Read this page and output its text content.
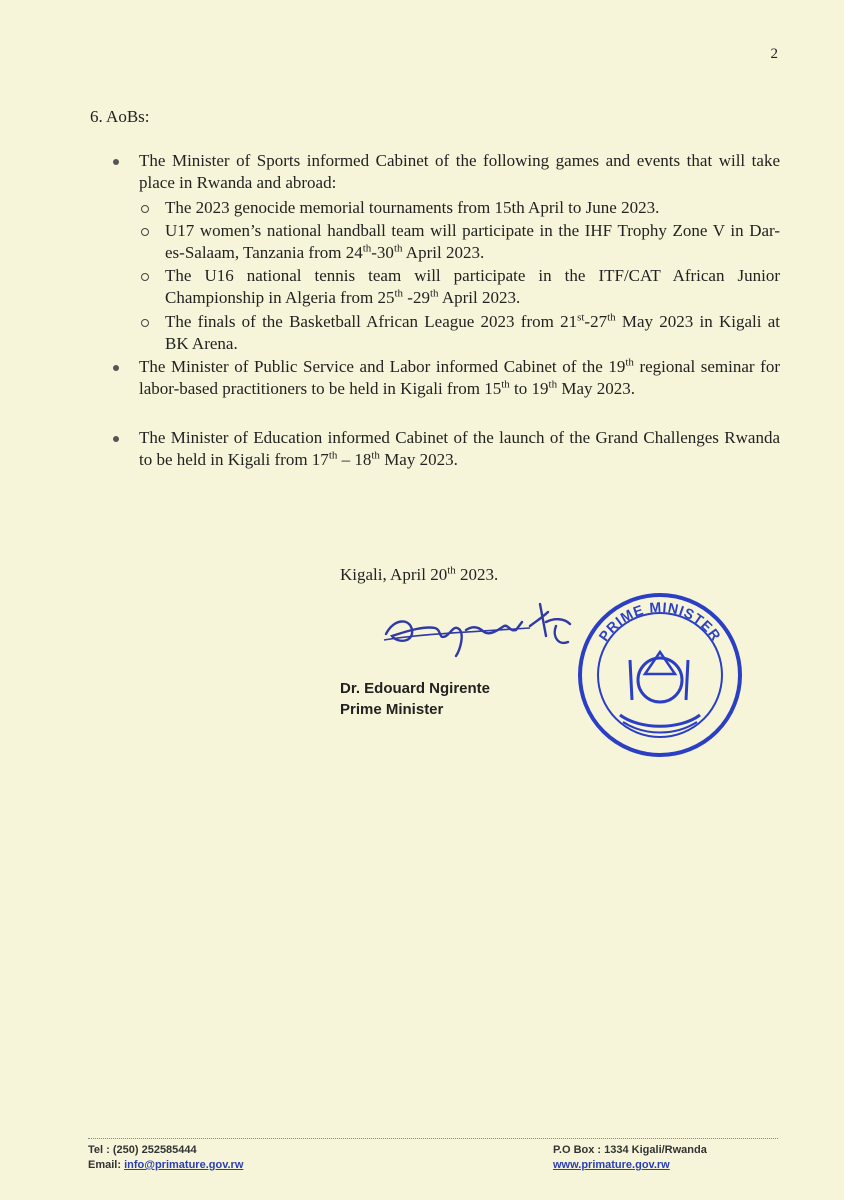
2
6. AoBs:
The Minister of Sports informed Cabinet of the following games and events that will take place in Rwanda and abroad:
The 2023 genocide memorial tournaments from 15th April to June 2023.
U17 women’s national handball team will participate in the IHF Trophy Zone V in Dar-es-Salaam, Tanzania from 24th-30th April 2023.
The U16 national tennis team will participate in the ITF/CAT African Junior Championship in Algeria from 25th -29th April 2023.
The finals of the Basketball African League 2023 from 21st-27th May 2023 in Kigali at BK Arena.
The Minister of Public Service and Labor informed Cabinet of the 19th regional seminar for labor-based practitioners to be held in Kigali from 15th to 19th May 2023.
The Minister of Education informed Cabinet of the launch of the Grand Challenges Rwanda to be held in Kigali from 17th – 18th May 2023.
Kigali, April 20th 2023.
Dr. Edouard Ngirente
Prime Minister
PRIME MINISTER
Tel : (250) 252585444
Email: info@primature.gov.rw
P.O Box : 1334 Kigali/Rwanda
www.primature.gov.rw
